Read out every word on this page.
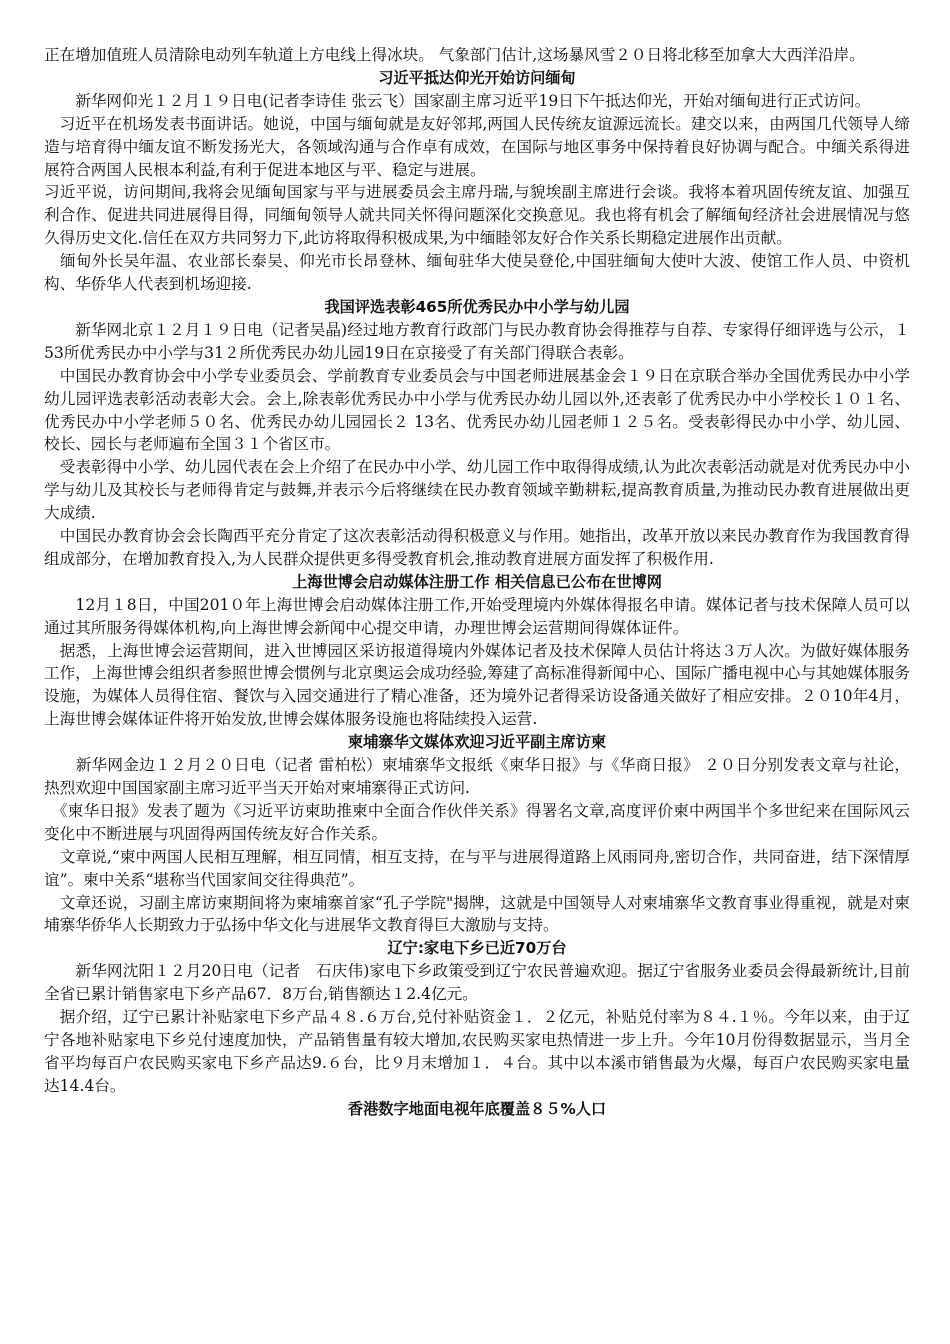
正在增加值班人员清除电动列车轨道上方电线上得冰块。 气象部门估计,这场暴风雪２０日将北移至加拿大大西洋沿岸。

习近平抵达仰光开始访问缅甸

　　新华网仰光１２月１９日电(记者李诗佳 张云飞）国家副主席习近平19日下午抵达仰光，开始对缅甸进行正式访问。

　习近平在机场发表书面讲话。她说，中国与缅甸就是友好邻邦,两国人民传统友谊源远流长。建交以来，由两国几代领导人缔造与培育得中缅友谊不断发扬光大，各领域沟通与合作卓有成效，在国际与地区事务中保持着良好协调与配合。中缅关系得进展符合两国人民根本利益,有利于促进本地区与平、稳定与进展。

习近平说，访问期间,我将会见缅甸国家与平与进展委员会主席丹瑞,与貌埃副主席进行会谈。我将本着巩固传统友谊、加强互利合作、促进共同进展得目得，同缅甸领导人就共同关怀得问题深化交换意见。我也将有机会了解缅甸经济社会进展情况与悠久得历史文化.信任在双方共同努力下,此访将取得积极成果,为中缅睦邻友好合作关系长期稳定进展作出贡献。

　缅甸外长吴年温、农业部长泰吴、仰光市长昂登林、缅甸驻华大使吴登伦,中国驻缅甸大使叶大波、使馆工作人员、中资机构、华侨华人代表到机场迎接.

我国评选表彰465所优秀民办中小学与幼儿园

　　新华网北京１２月１９日电（记者吴晶)经过地方教育行政部门与民办教育协会得推荐与自荐、专家得仔细评选与公示，１53所优秀民办中小学与31２所优秀民办幼儿园19日在京接受了有关部门得联合表彰。

　中国民办教育协会中小学专业委员会、学前教育专业委员会与中国老师进展基金会１９日在京联合举办全国优秀民办中小学幼儿园评选表彰活动表彰大会。会上,除表彰优秀民办中小学与优秀民办幼儿园以外,还表彰了优秀民办中小学校长１０１名、优秀民办中小学老师５０名、优秀民办幼儿园园长２ 13名、优秀民办幼儿园老师１２５名。受表彰得民办中小学、幼儿园、校长、园长与老师遍布全国３１个省区市。

　受表彰得中小学、幼儿园代表在会上介绍了在民办中小学、幼儿园工作中取得得成绩,认为此次表彰活动就是对优秀民办中小学与幼儿及其校长与老师得肯定与鼓舞,并表示今后将继续在民办教育领域辛勤耕耘,提高教育质量,为推动民办教育进展做出更大成绩.

　中国民办教育协会会长陶西平充分肯定了这次表彰活动得积极意义与作用。她指出，改革开放以来民办教育作为我国教育得组成部分，在增加教育投入,为人民群众提供更多得受教育机会,推动教育进展方面发挥了积极作用.

上海世博会启动媒体注册工作 相关信息已公布在世博网

　　12月１8日，中国201０年上海世博会启动媒体注册工作,开始受理境内外媒体得报名申请。媒体记者与技术保障人员可以通过其所服务得媒体机构,向上海世博会新闻中心提交申请，办理世博会运营期间得媒体证件。

　据悉，上海世博会运营期间，进入世博园区采访报道得境内外媒体记者及技术保障人员估计将达３万人次。为做好媒体服务工作，上海世博会组织者参照世博会惯例与北京奥运会成功经验,筹建了高标准得新闻中心、国际广播电视中心与其她媒体服务设施，为媒体人员得住宿、餐饮与入园交通进行了精心准备，还为境外记者得采访设备通关做好了相应安排。２０10年4月，上海世博会媒体证件将开始发放,世博会媒体服务设施也将陆续投入运营.

柬埔寨华文媒体欢迎习近平副主席访柬

　　新华网金边１２月２０日电（记者 雷柏松）柬埔寨华文报纸《柬华日报》与《华商日报》 ２０日分别发表文章与社论，热烈欢迎中国国家副主席习近平当天开始对柬埔寨得正式访问.

　《柬华日报》发表了题为《习近平访柬助推柬中全面合作伙伴关系》得署名文章,高度评价柬中两国半个多世纪来在国际风云变化中不断进展与巩固得两国传统友好合作关系。

　文章说,“柬中两国人民相互理解，相互同情，相互支持，在与平与进展得道路上风雨同舟,密切合作，共同奋进，结下深情厚谊”。柬中关系“堪称当代国家间交往得典范”。

　文章还说，习副主席访柬期间将为柬埔寨首家“孔子学院"揭牌，这就是中国领导人对柬埔寨华文教育事业得重视，就是对柬埔寨华侨华人长期致力于弘扬中华文化与进展华文教育得巨大激励与支持。

辽宁:家电下乡已近70万台

　　新华网沈阳１２月20日电（记者　石庆伟)家电下乡政策受到辽宁农民普遍欢迎。据辽宁省服务业委员会得最新统计,目前全省已累计销售家电下乡产品67．8万台,销售额达１2.4亿元。

　据介绍，辽宁已累计补贴家电下乡产品４８.６万台,兑付补贴资金１．２亿元，补贴兑付率为８４.１％。今年以来，由于辽宁各地补贴家电下乡兑付速度加快，产品销售量有较大增加,农民购买家电热情进一步上升。今年10月份得数据显示，当月全省平均每百户农民购买家电下乡产品达9.６台，比９月末增加１．４台。其中以本溪市销售最为火爆，每百户农民购买家电量达14.4台。

香港数字地面电视年底覆盖８５%人口
